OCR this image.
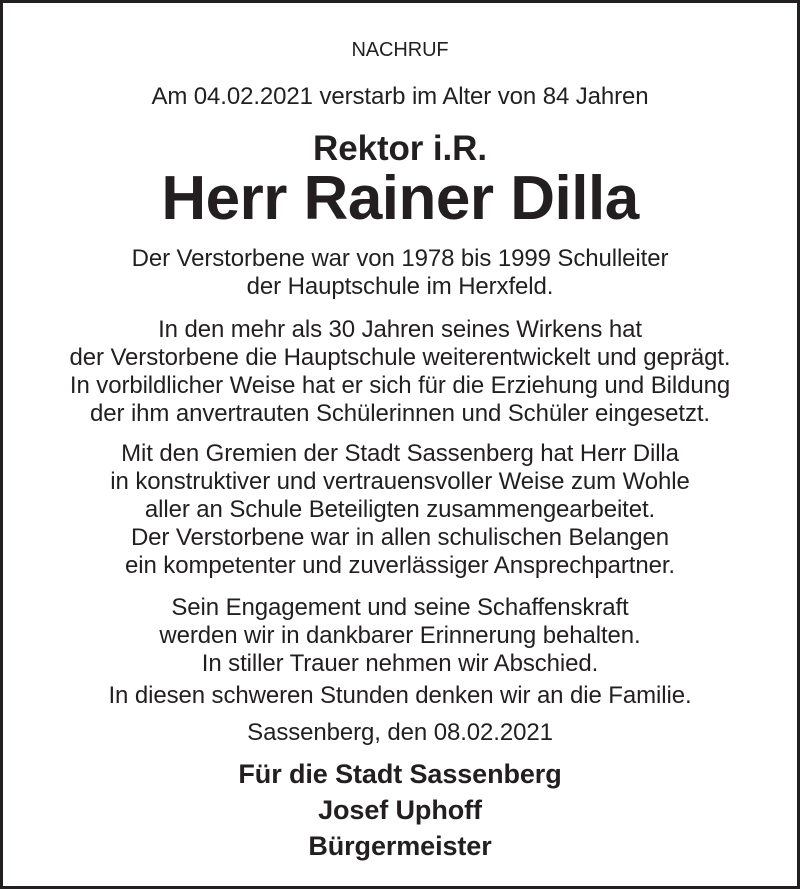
NACHRUF
Am 04.02.2021 verstarb im Alter von 84 Jahren
Rektor i.R.
Herr Rainer Dilla
Der Verstorbene war von 1978 bis 1999 Schulleiter
der Hauptschule im Herxfeld.
In den mehr als 30 Jahren seines Wirkens hat
der Verstorbene die Hauptschule weiterentwickelt und geprägt.
In vorbildlicher Weise hat er sich für die Erziehung und Bildung
der ihm anvertrauten Schülerinnen und Schüler eingesetzt.
Mit den Gremien der Stadt Sassenberg hat Herr Dilla
in konstruktiver und vertrauensvoller Weise zum Wohle
aller an Schule Beteiligten zusammengearbeitet.
Der Verstorbene war in allen schulischen Belangen
ein kompetenter und zuverlässiger Ansprechpartner.
Sein Engagement und seine Schaffenskraft
werden wir in dankbarer Erinnerung behalten.
In stiller Trauer nehmen wir Abschied.
In diesen schweren Stunden denken wir an die Familie.
Sassenberg, den 08.02.2021
Für die Stadt Sassenberg
Josef Uphoff
Bürgermeister
